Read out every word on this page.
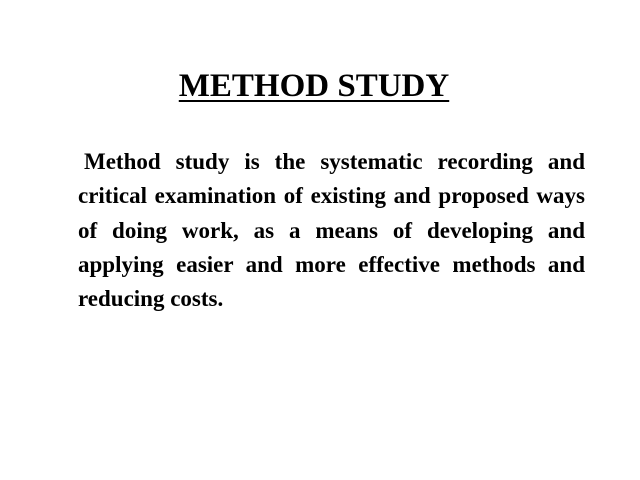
METHOD STUDY

Method study is the systematic recording and critical examination of existing and proposed ways of doing work, as a means of developing and applying easier and more effective methods and reducing costs.
